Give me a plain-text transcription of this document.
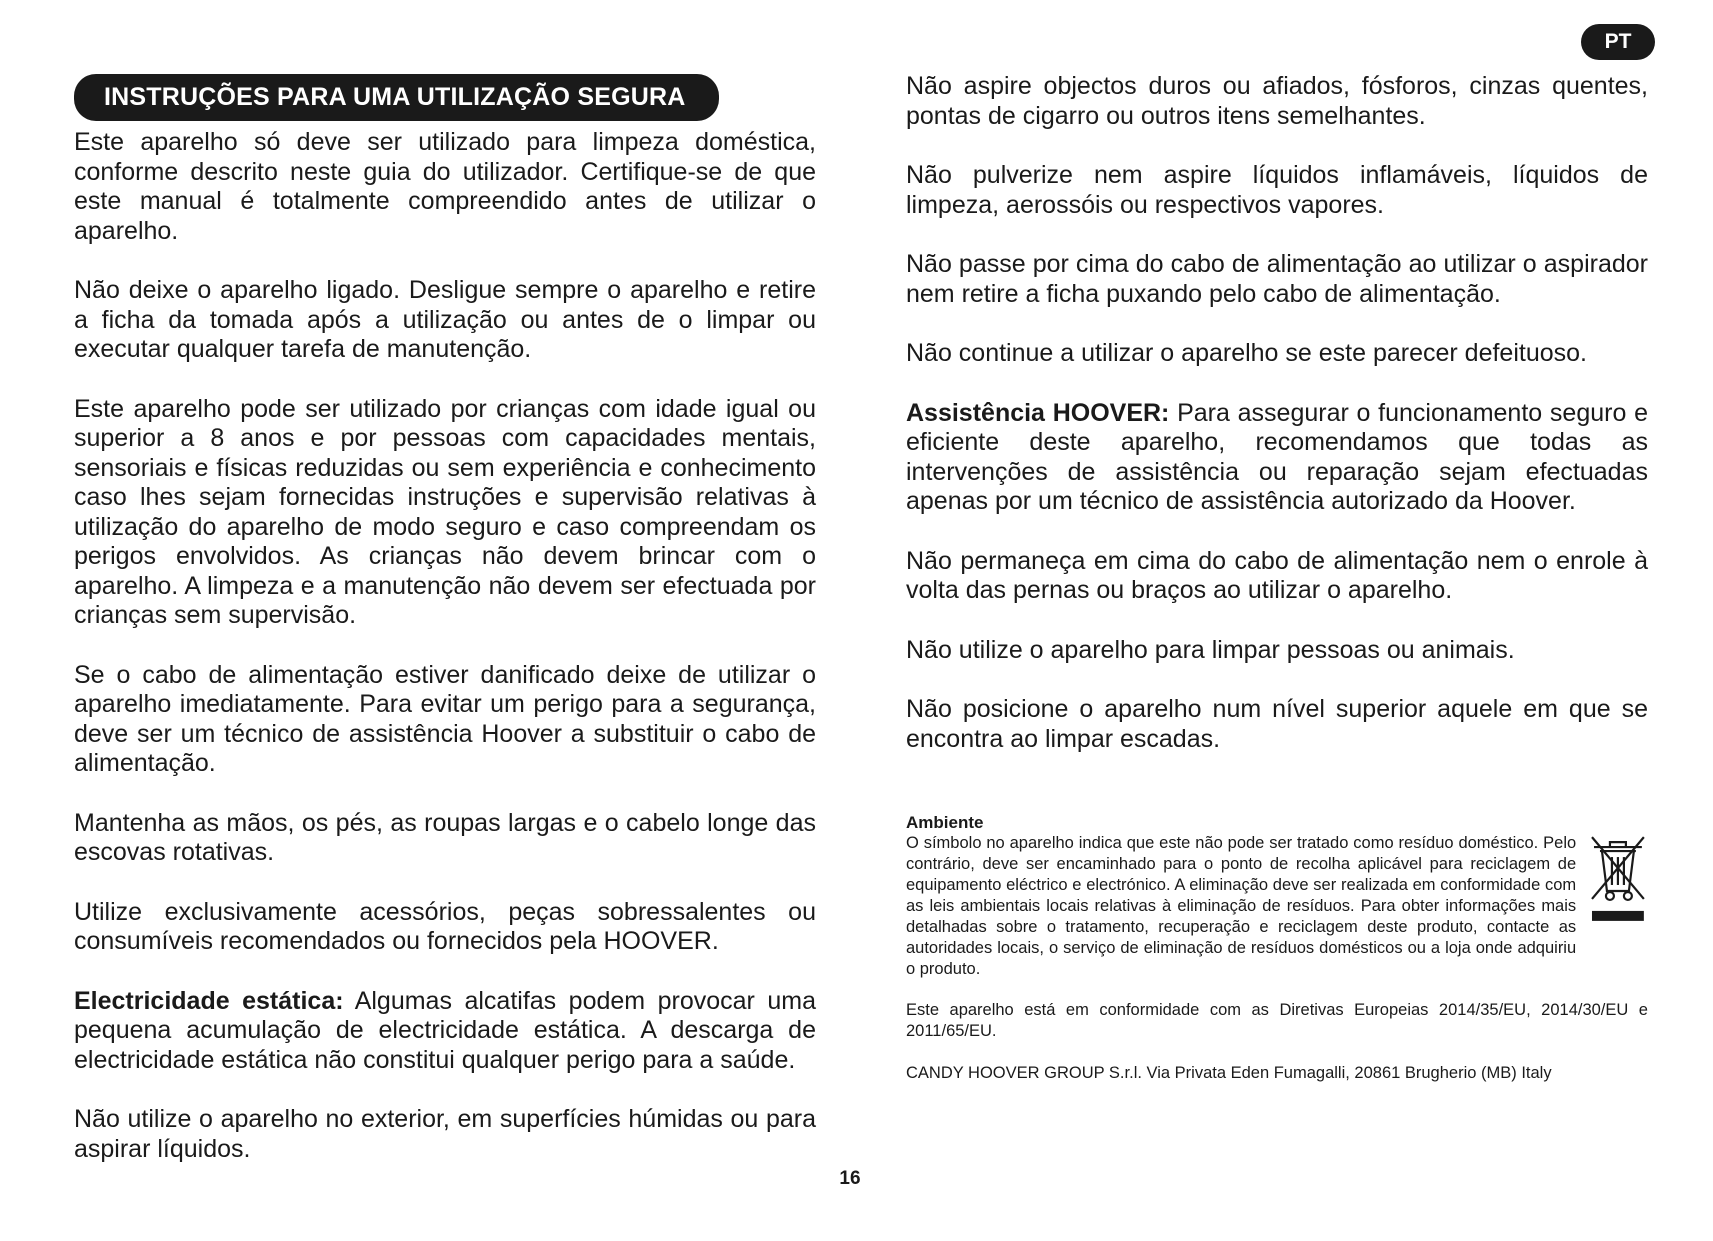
PT
INSTRUÇÕES PARA UMA UTILIZAÇÃO SEGURA

Este aparelho só deve ser utilizado para limpeza doméstica, conforme descrito neste guia do utilizador. Certifique-se de que este manual é totalmente compreendido antes de utilizar o aparelho.

Não deixe o aparelho ligado. Desligue sempre o aparelho e retire a ficha da tomada após a utilização ou antes de o limpar ou executar qualquer tarefa de manutenção.

Este aparelho pode ser utilizado por crianças com idade igual ou superior a 8 anos e por pessoas com capacidades mentais, sensoriais e físicas reduzidas ou sem experiência e conhecimento caso lhes sejam fornecidas instruções e supervisão relativas à utilização do aparelho de modo seguro e caso compreendam os perigos envolvidos. As crianças não devem brincar com o aparelho. A limpeza e a manutenção não devem ser efectuada por crianças sem supervisão.

Se o cabo de alimentação estiver danificado deixe de utilizar o aparelho imediatamente. Para evitar um perigo para a segurança, deve ser um técnico de assistência Hoover a substituir o cabo de alimentação.

Mantenha as mãos, os pés, as roupas largas e o cabelo longe das escovas rotativas.

Utilize exclusivamente acessórios, peças sobressalentes ou consumíveis recomendados ou fornecidos pela HOOVER.

Electricidade estática: Algumas alcatifas podem provocar uma pequena acumulação de electricidade estática. A descarga de electricidade estática não constitui qualquer perigo para a saúde.

Não utilize o aparelho no exterior, em superfícies húmidas ou para aspirar líquidos.

Não aspire objectos duros ou afiados, fósforos, cinzas quentes, pontas de cigarro ou outros itens semelhantes.

Não pulverize nem aspire líquidos inflamáveis, líquidos de limpeza, aerossóis ou respectivos vapores.

Não passe por cima do cabo de alimentação ao utilizar o aspirador nem retire a ficha puxando pelo cabo de alimentação.

Não continue a utilizar o aparelho se este parecer defeituoso.

Assistência HOOVER: Para assegurar o funcionamento seguro e eficiente deste aparelho, recomendamos que todas as intervenções de assistência ou reparação sejam efectuadas apenas por um técnico de assistência autorizado da Hoover.

Não permaneça em cima do cabo de alimentação nem o enrole à volta das pernas ou braços ao utilizar o aparelho.

Não utilize o aparelho para limpar pessoas ou animais.

Não posicione o aparelho num nível superior aquele em que se encontra ao limpar escadas.

Ambiente

O símbolo no aparelho indica que este não pode ser tratado como resíduo doméstico. Pelo contrário, deve ser encaminhado para o ponto de recolha aplicável para reciclagem de equipamento eléctrico e electrónico. A eliminação deve ser realizada em conformidade com as leis ambientais locais relativas à eliminação de resíduos. Para obter informações mais detalhadas sobre o tratamento, recuperação e reciclagem deste produto, contacte as autoridades locais, o serviço de eliminação de resíduos domésticos ou a loja onde adquiriu o produto.

Este aparelho está em conformidade com as Diretivas Europeias 2014/35/EU, 2014/30/EU e 2011/65/EU.

CANDY HOOVER GROUP S.r.l. Via Privata Eden Fumagalli, 20861 Brugherio (MB) Italy

16
